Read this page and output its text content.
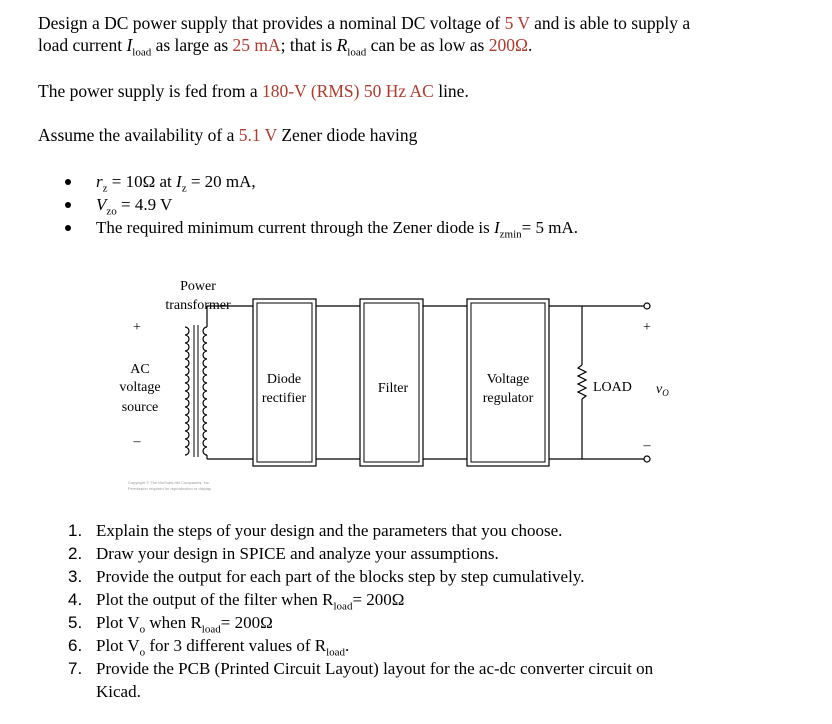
Design a DC power supply that provides a nominal DC voltage of 5 V and is able to supply a
load current $I_{load}$ as large as 25 mA; that is $R_{load}$ can be as low as 200Ω.

The power supply is fed from a 180-V (RMS) 50 Hz AC line.

Assume the availability of a 5.1 V Zener diode having

$r_z = 10\Omega$ at $I_z = 20$ mA,
$V_{zo} = 4.9$ V
The required minimum current through the Zener diode is $I_{zmin}= 5$ mA.
Power
transformer
+
AC
voltage
source
–
Diode
rectifier
Filter
Voltage
regulator
LOAD
+
–
$v_O$
Copyright © The McGraw-Hill Companies, Inc.
Permission required for reproduction or display.
1. Explain the steps of your design and the parameters that you choose.
2. Draw your design in SPICE and analyze your assumptions.
3. Provide the output for each part of the blocks step by step cumulatively.
4. Plot the output of the filter when $R_{load}= 200\Omega$
5. Plot $V_o$ when $R_{load}= 200\Omega$
6. Plot $V_o$ for 3 different values of $R_{load}$.
7. Provide the PCB (Printed Circuit Layout) layout for the ac-dc converter circuit on
Kicad.
